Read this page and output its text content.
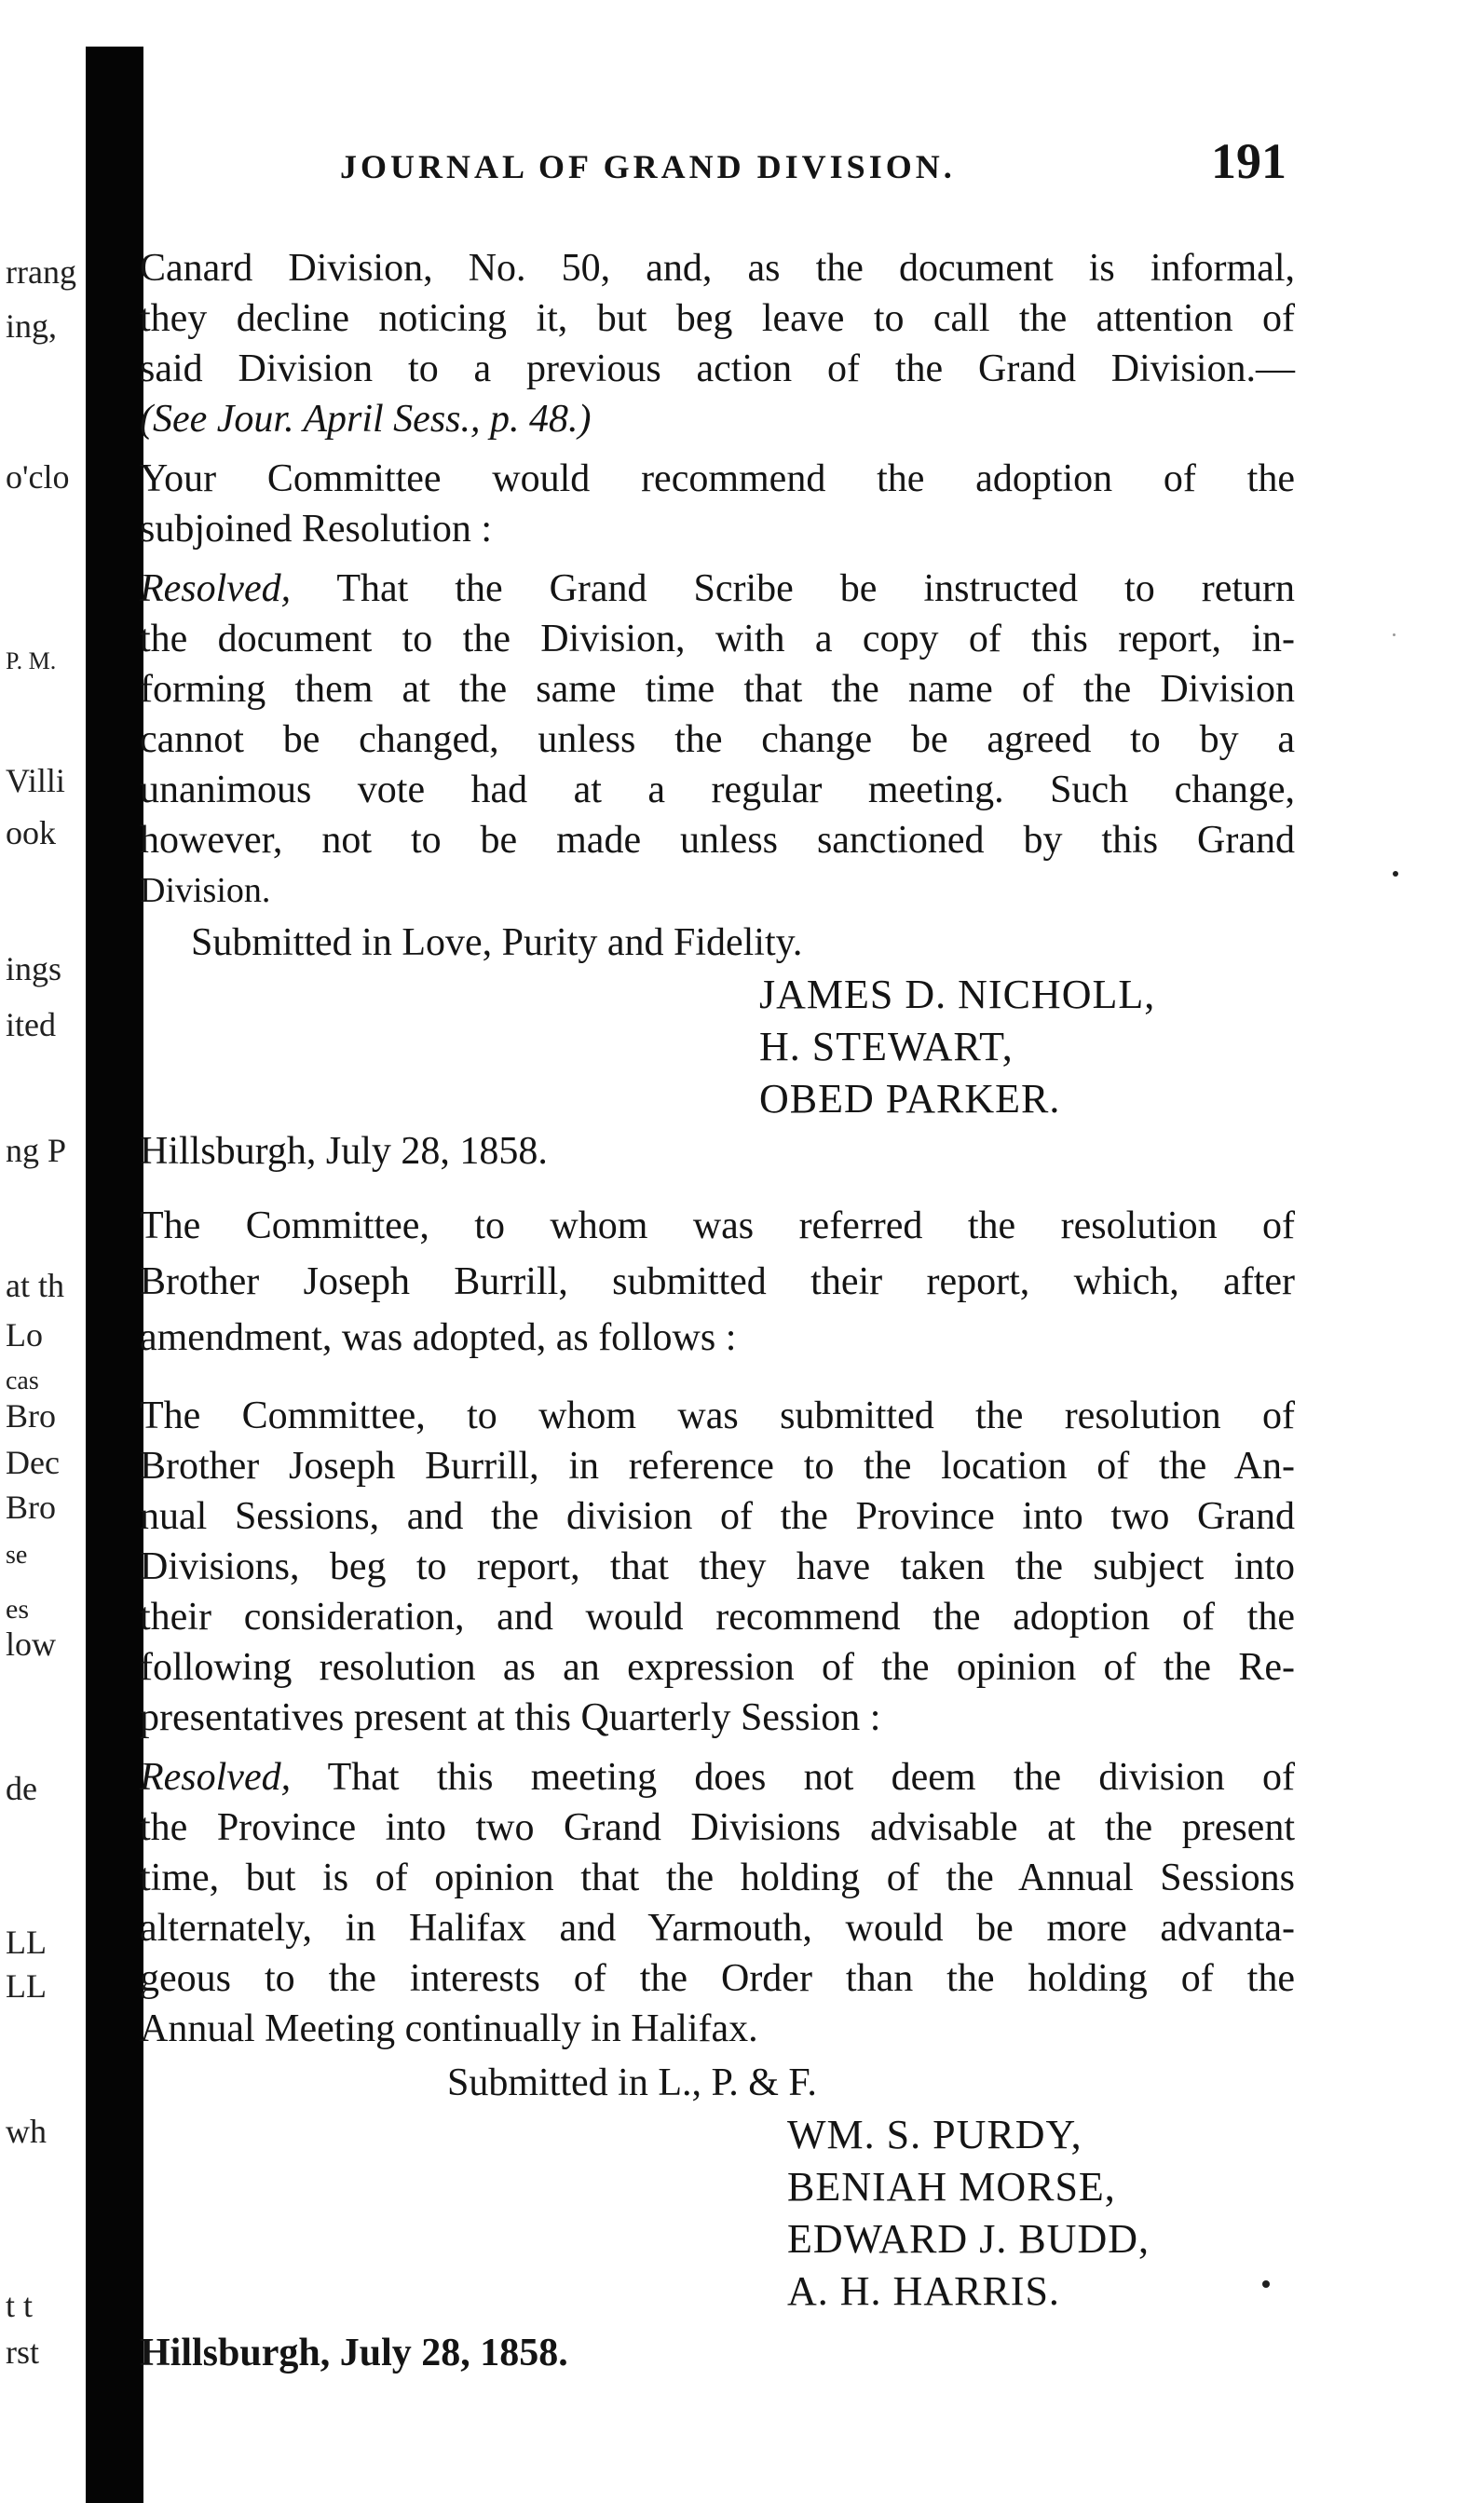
rrang
ing,
o'clo
P. M.
Villi
ook
ings
ited
ng P
at th
Lo
cas
Bro
Dec
Bro
se
es
low
de
LL
LL
wh
t t
rst
JOURNAL OF GRAND DIVISION.	191

Canard Division, No. 50, and, as the document is informal,

they decline noticing it, but beg leave to call the attention of

said Division to a previous action of the Grand Division.—

(See Jour. April Sess., p. 48.)

Your Committee would recommend the adoption of the

subjoined Resolution :

Resolved, That the Grand Scribe be instructed to return

the document to the Division, with a copy of this report, in-

forming them at the same time that the name of the Division

cannot be changed, unless the change be agreed to by a

unanimous vote had at a regular meeting. Such change,

however, not to be made unless sanctioned by this Grand

Division.

Submitted in Love, Purity and Fidelity.

JAMES D. NICHOLL,

H. STEWART,

OBED PARKER.

Hillsburgh, July 28, 1858.

The Committee, to whom was referred the resolution of

Brother Joseph Burrill, submitted their report, which, after

amendment, was adopted, as follows :

The Committee, to whom was submitted the resolution of

Brother Joseph Burrill, in reference to the location of the An-

nual Sessions, and the division of the Province into two Grand

Divisions, beg to report, that they have taken the subject into

their consideration, and would recommend the adoption of the

following resolution as an expression of the opinion of the Re-

presentatives present at this Quarterly Session :

Resolved, That this meeting does not deem the division of

the Province into two Grand Divisions advisable at the present

time, but is of opinion that the holding of the Annual Sessions

alternately, in Halifax and Yarmouth, would be more advanta-

geous to the interests of the Order than the holding of the

Annual Meeting continually in Halifax.

Submitted in L., P. & F.

WM. S. PURDY,

BENIAH MORSE,

EDWARD J. BUDD,

A. H. HARRIS.

Hillsburgh, July 28, 1858.
